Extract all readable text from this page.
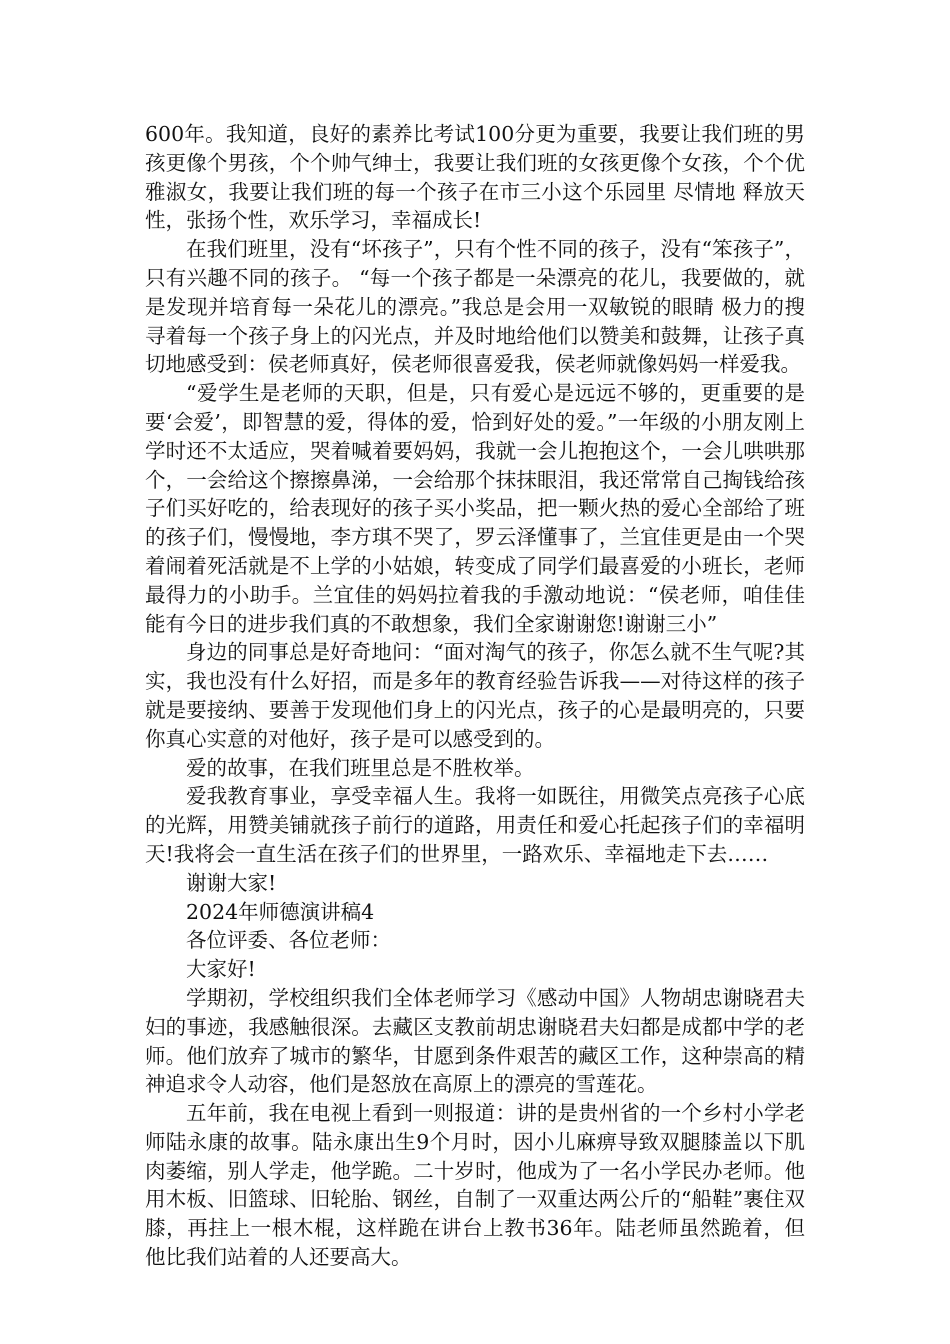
600年。我知道，良好的素养比考试100分更为重要，我要让我们班的男孩更像个男孩，个个帅气绅士，我要让我们班的女孩更像个女孩，个个优雅淑女，我要让我们班的每一个孩子在市三小这个乐园里 尽情地 释放天性，张扬个性，欢乐学习，幸福成长!

在我们班里，没有“坏孩子”，只有个性不同的孩子，没有“笨孩子”，只有兴趣不同的孩子。 “每一个孩子都是一朵漂亮的花儿，我要做的，就是发现并培育每一朵花儿的漂亮。”我总是会用一双敏锐的眼睛 极力的搜寻着每一个孩子身上的闪光点，并及时地给他们以赞美和鼓舞，让孩子真切地感受到：侯老师真好，侯老师很喜爱我，侯老师就像妈妈一样爱我。

“爱学生是老师的天职，但是，只有爱心是远远不够的，更重要的是要‘会爱’，即智慧的爱，得体的爱，恰到好处的爱。”一年级的小朋友刚上学时还不太适应，哭着喊着要妈妈，我就一会儿抱抱这个，一会儿哄哄那个，一会给这个擦擦鼻涕，一会给那个抹抹眼泪，我还常常自己掏钱给孩子们买好吃的，给表现好的孩子买小奖品，把一颗火热的爱心全部给了班的孩子们，慢慢地，李方琪不哭了，罗云泽懂事了，兰宜佳更是由一个哭着闹着死活就是不上学的小姑娘，转变成了同学们最喜爱的小班长，老师最得力的小助手。兰宜佳的妈妈拉着我的手激动地说：“侯老师，咱佳佳能有今日的进步我们真的不敢想象，我们全家谢谢您!谢谢三小”

身边的同事总是好奇地问：“面对淘气的孩子，你怎么就不生气呢?其实，我也没有什么好招，而是多年的教育经验告诉我——对待这样的孩子就是要接纳、要善于发现他们身上的闪光点，孩子的心是最明亮的，只要你真心实意的对他好，孩子是可以感受到的。

爱的故事，在我们班里总是不胜枚举。

爱我教育事业，享受幸福人生。我将一如既往，用微笑点亮孩子心底的光辉，用赞美铺就孩子前行的道路，用责任和爱心托起孩子们的幸福明天!我将会一直生活在孩子们的世界里，一路欢乐、幸福地走下去……

谢谢大家!

2024年师德演讲稿4

各位评委、各位老师：

大家好!

学期初，学校组织我们全体老师学习《感动中国》人物胡忠谢晓君夫妇的事迹，我感触很深。去藏区支教前胡忠谢晓君夫妇都是成都中学的老师。他们放弃了城市的繁华，甘愿到条件艰苦的藏区工作，这种崇高的精神追求令人动容，他们是怒放在高原上的漂亮的雪莲花。

五年前，我在电视上看到一则报道：讲的是贵州省的一个乡村小学老师陆永康的故事。陆永康出生9个月时，因小儿麻痹导致双腿膝盖以下肌肉萎缩，别人学走，他学跪。二十岁时，他成为了一名小学民办老师。他用木板、旧篮球、旧轮胎、钢丝，自制了一双重达两公斤的“船鞋”裹住双膝，再拄上一根木棍，这样跪在讲台上教书36年。陆老师虽然跪着，但他比我们站着的人还要高大。
